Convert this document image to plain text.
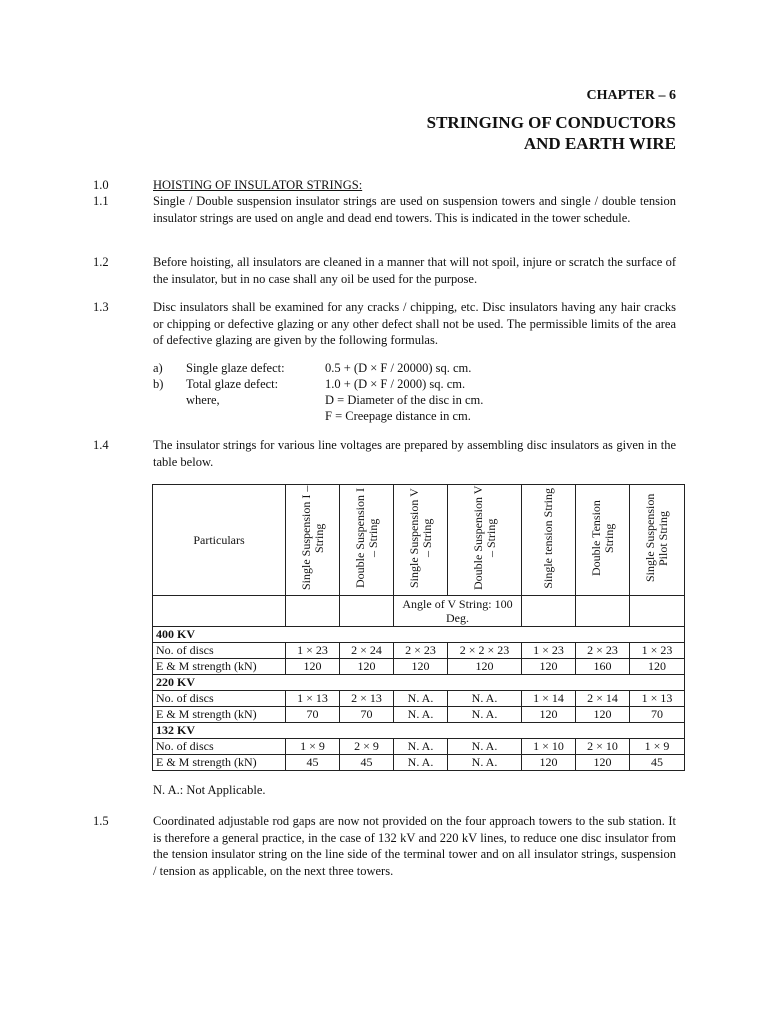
CHAPTER – 6
STRINGING OF CONDUCTORS
AND EARTH WIRE
1.0	HOISTING OF INSULATOR STRINGS:
1.1	Single / Double suspension insulator strings are used on suspension towers and single / double tension insulator strings are used on angle and dead end towers. This is indicated in the tower schedule.
1.2	Before hoisting, all insulators are cleaned in a manner that will not spoil, injure or scratch the surface of the insulator, but in no case shall any oil be used for the purpose.
1.3	Disc insulators shall be examined for any cracks / chipping, etc. Disc insulators having any hair cracks or chipping or defective glazing or any other defect shall not be used. The permissible limits of the area of defective glazing are given by the following formulas.
a) Single glaze defect:	0.5 + (D × F / 20000) sq. cm.
b) Total glaze defect:	1.0 + (D × F / 2000) sq. cm.
where,	D = Diameter of the disc in cm.
F = Creepage distance in cm.
1.4	The insulator strings for various line voltages are prepared by assembling disc insulators as given in the table below.
Particulars	Single Suspension I – String	Double Suspension I – String	Single Suspension V – String	Double Suspension V – String	Single tension String	Double Tension String	Single Suspension Pilot String
			Angle of V String: 100 Deg.				
400 KV							
No. of discs	1 × 23	2 × 24	2 × 23	2 × 2 × 23	1 × 23	2 × 23	1 × 23
E & M strength (kN)	120	120	120	120	120	160	120
220 KV							
No. of discs	1 × 13	2 × 13	N. A.	N. A.	1 × 14	2 × 14	1 × 13
E & M strength (kN)	70	70	N. A.	N. A.	120	120	70
132 KV							
No. of discs	1 × 9	2 × 9	N. A.	N. A.	1 × 10	2 × 10	1 × 9
E & M strength (kN)	45	45	N. A.	N. A.	120	120	45
N. A.: Not Applicable.
1.5	Coordinated adjustable rod gaps are now not provided on the four approach towers to the sub station. It is therefore a general practice, in the case of 132 kV and 220 kV lines, to reduce one disc insulator from the tension insulator string on the line side of the terminal tower and on all insulator strings, suspension / tension as applicable, on the next three towers.
